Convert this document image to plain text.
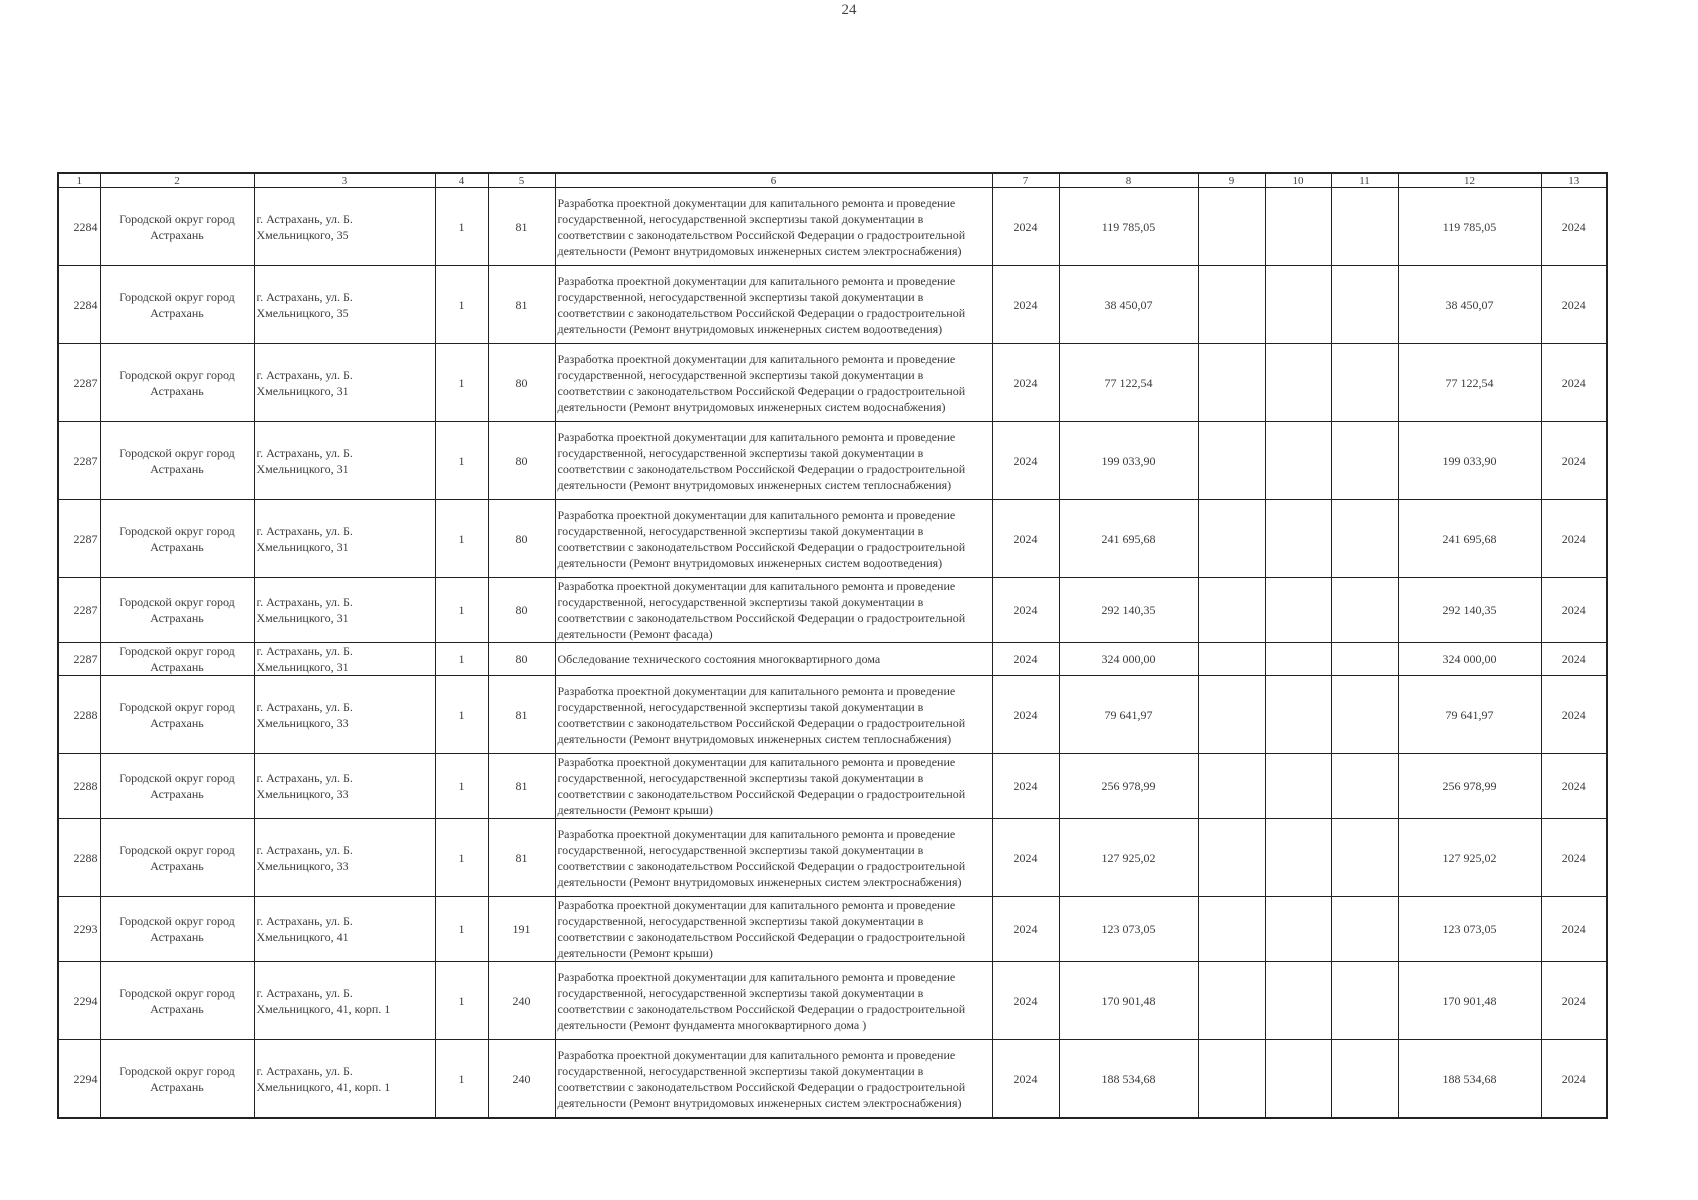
24
1	2	3	4	5	6	7	8	9	10	11	12	13
2284	Городской округ город Астрахань	г. Астрахань, ул. Б. Хмельницкого, 35	1	81	Разработка проектной документации для капитального ремонта и проведение государственной, негосударственной экспертизы такой документации в соответствии с законодательством Российской Федерации о градостроительной деятельности (Ремонт внутридомовых инженерных систем электроснабжения)	2024	119 785,05				119 785,05	2024
2284	Городской округ город Астрахань	г. Астрахань, ул. Б. Хмельницкого, 35	1	81	Разработка проектной документации для капитального ремонта и проведение государственной, негосударственной экспертизы такой документации в соответствии с законодательством Российской Федерации о градостроительной деятельности (Ремонт внутридомовых инженерных систем водоотведения)	2024	38 450,07				38 450,07	2024
2287	Городской округ город Астрахань	г. Астрахань, ул. Б. Хмельницкого, 31	1	80	Разработка проектной документации для капитального ремонта и проведение государственной, негосударственной экспертизы такой документации в соответствии с законодательством Российской Федерации о градостроительной деятельности (Ремонт внутридомовых инженерных систем водоснабжения)	2024	77 122,54				77 122,54	2024
2287	Городской округ город Астрахань	г. Астрахань, ул. Б. Хмельницкого, 31	1	80	Разработка проектной документации для капитального ремонта и проведение государственной, негосударственной экспертизы такой документации в соответствии с законодательством Российской Федерации о градостроительной деятельности (Ремонт внутридомовых инженерных систем теплоснабжения)	2024	199 033,90				199 033,90	2024
2287	Городской округ город Астрахань	г. Астрахань, ул. Б. Хмельницкого, 31	1	80	Разработка проектной документации для капитального ремонта и проведение государственной, негосударственной экспертизы такой документации в соответствии с законодательством Российской Федерации о градостроительной деятельности (Ремонт внутридомовых инженерных систем водоотведения)	2024	241 695,68				241 695,68	2024
2287	Городской округ город Астрахань	г. Астрахань, ул. Б. Хмельницкого, 31	1	80	Разработка проектной документации для капитального ремонта и проведение государственной, негосударственной экспертизы такой документации в соответствии с законодательством Российской Федерации о градостроительной деятельности (Ремонт фасада)	2024	292 140,35				292 140,35	2024
2287	Городской округ город Астрахань	г. Астрахань, ул. Б. Хмельницкого, 31	1	80	Обследование технического состояния многоквартирного дома	2024	324 000,00				324 000,00	2024
2288	Городской округ город Астрахань	г. Астрахань, ул. Б. Хмельницкого, 33	1	81	Разработка проектной документации для капитального ремонта и проведение государственной, негосударственной экспертизы такой документации в соответствии с законодательством Российской Федерации о градостроительной деятельности (Ремонт внутридомовых инженерных систем теплоснабжения)	2024	79 641,97				79 641,97	2024
2288	Городской округ город Астрахань	г. Астрахань, ул. Б. Хмельницкого, 33	1	81	Разработка проектной документации для капитального ремонта и проведение государственной, негосударственной экспертизы такой документации в соответствии с законодательством Российской Федерации о градостроительной деятельности (Ремонт крыши)	2024	256 978,99				256 978,99	2024
2288	Городской округ город Астрахань	г. Астрахань, ул. Б. Хмельницкого, 33	1	81	Разработка проектной документации для капитального ремонта и проведение государственной, негосударственной экспертизы такой документации в соответствии с законодательством Российской Федерации о градостроительной деятельности (Ремонт внутридомовых инженерных систем электроснабжения)	2024	127 925,02				127 925,02	2024
2293	Городской округ город Астрахань	г. Астрахань, ул. Б. Хмельницкого, 41	1	191	Разработка проектной документации для капитального ремонта и проведение государственной, негосударственной экспертизы такой документации в соответствии с законодательством Российской Федерации о градостроительной деятельности (Ремонт крыши)	2024	123 073,05				123 073,05	2024
2294	Городской округ город Астрахань	г. Астрахань, ул. Б. Хмельницкого, 41, корп. 1	1	240	Разработка проектной документации для капитального ремонта и проведение государственной, негосударственной экспертизы такой документации в соответствии с законодательством Российской Федерации о градостроительной деятельности (Ремонт фундамента многоквартирного дома )	2024	170 901,48				170 901,48	2024
2294	Городской округ город Астрахань	г. Астрахань, ул. Б. Хмельницкого, 41, корп. 1	1	240	Разработка проектной документации для капитального ремонта и проведение государственной, негосударственной экспертизы такой документации в соответствии с законодательством Российской Федерации о градостроительной деятельности (Ремонт внутридомовых инженерных систем электроснабжения)	2024	188 534,68				188 534,68	2024
